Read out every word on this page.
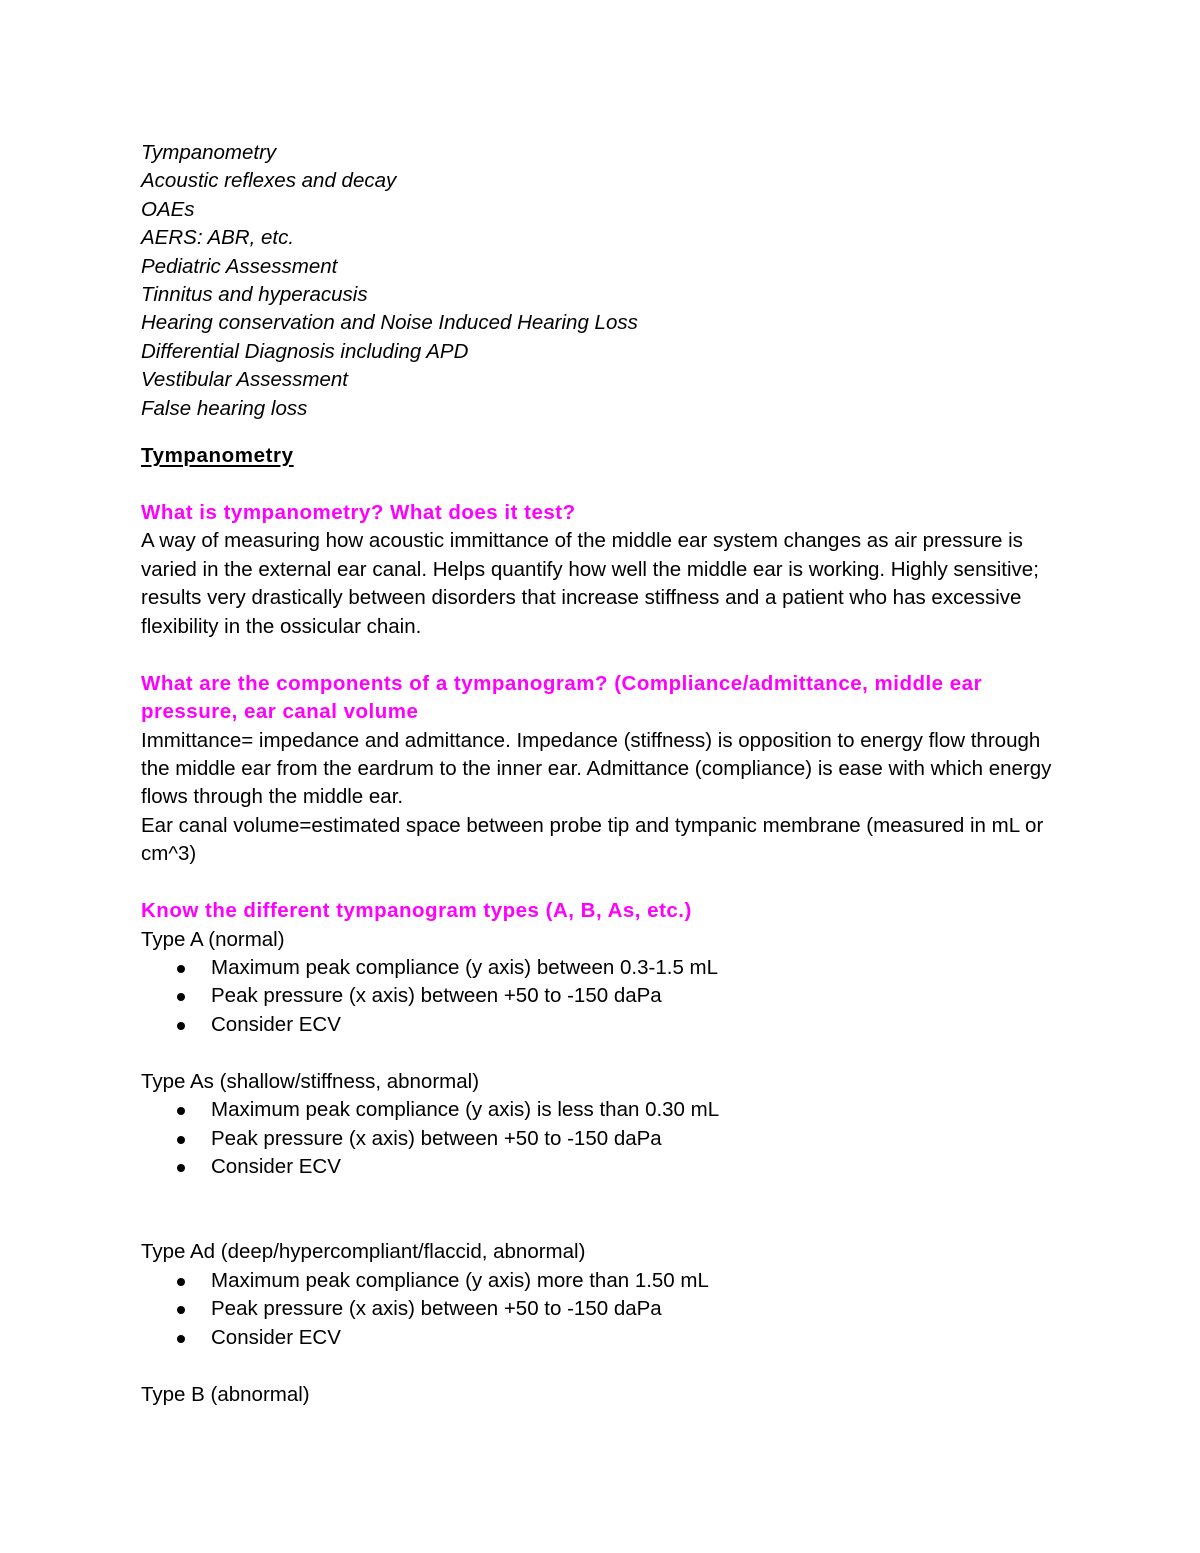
Tympanometry
Acoustic reflexes and decay
OAEs
AERS: ABR, etc.
Pediatric Assessment
Tinnitus and hyperacusis
Hearing conservation and Noise Induced Hearing Loss
Differential Diagnosis including APD
Vestibular Assessment
False hearing loss
Tympanometry

What is tympanometry? What does it test?

A way of measuring how acoustic immittance of the middle ear system changes as air pressure is varied in the external ear canal. Helps quantify how well the middle ear is working. Highly sensitive; results very drastically between disorders that increase stiffness and a patient who has excessive flexibility in the ossicular chain.

What are the components of a tympanogram? (Compliance/admittance, middle ear pressure, ear canal volume

Immittance= impedance and admittance. Impedance (stiffness) is opposition to energy flow through the middle ear from the eardrum to the inner ear. Admittance (compliance) is ease with which energy flows through the middle ear.

Ear canal volume=estimated space between probe tip and tympanic membrane (measured in mL or cm^3)

Know the different tympanogram types (A, B, As, etc.)

Type A (normal)

Maximum peak compliance (y axis) between 0.3-1.5 mL
Peak pressure (x axis) between +50 to -150 daPa
Consider ECV

Type As (shallow/stiffness, abnormal)

Maximum peak compliance (y axis) is less than 0.30 mL
Peak pressure (x axis) between +50 to -150 daPa
Consider ECV

Type Ad (deep/hypercompliant/flaccid, abnormal)

Maximum peak compliance (y axis) more than 1.50 mL
Peak pressure (x axis) between +50 to -150 daPa
Consider ECV

Type B (abnormal)
